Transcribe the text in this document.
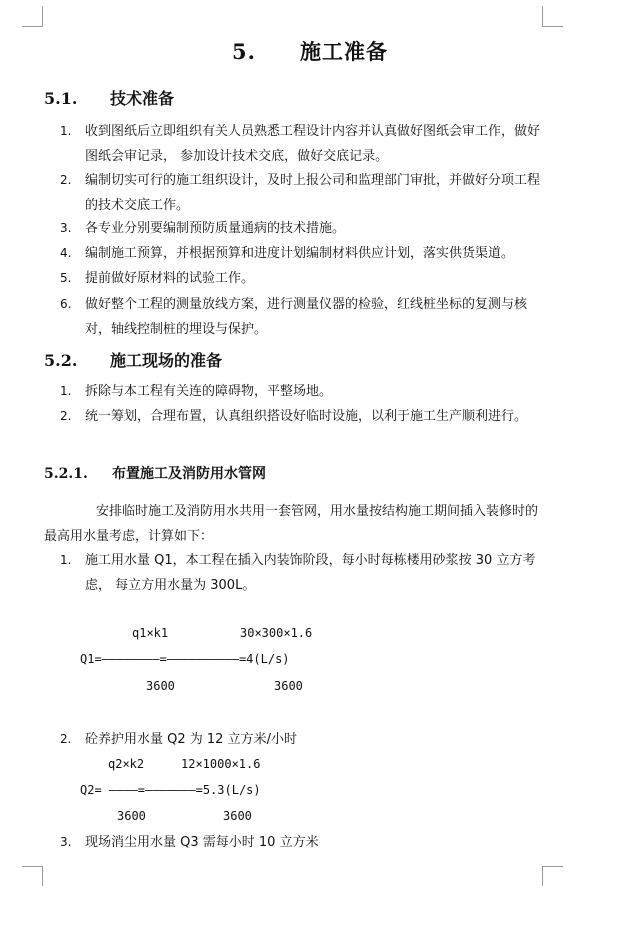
5. 施工准备
5.1. 技术准备
1.	收到图纸后立即组织有关人员熟悉工程设计内容并认真做好图纸会审工作，做好图纸会审记录， 参加设计技术交底，做好交底记录。
2.	编制切实可行的施工组织设计，及时上报公司和监理部门审批，并做好分项工程的技术交底工作。
3.	各专业分别要编制预防质量通病的技术措施。
4.	编制施工预算，并根据预算和进度计划编制材料供应计划，落实供货渠道。
5.	提前做好原材料的试验工作。
6.	做好整个工程的测量放线方案，进行测量仪器的检验，红线桩坐标的复测与核对，轴线控制桩的埋设与保护。
5.2. 施工现场的准备
1.	拆除与本工程有关连的障碍物，平整场地。
2.	统一筹划，合理布置，认真组织搭设好临时设施，以利于施工生产顺利进行。
5.2.1. 布置施工及消防用水管网
安排临时施工及消防用水共用一套管网，用水量按结构施工期间插入装修时的最高用水量考虑，计算如下：
1.	施工用水量 Q1，本工程在插入内装饰阶段，每小时每栋楼用砂浆按 30 立方考虑， 每立方用水量为 300L。
q1×k1	30×300×1.6
Q1=————————=——————————=4(L/s)
3600	3600
2.	砼养护用水量 Q2 为 12 立方米/小时
q2×k2	12×1000×1.6
Q2= ————=———————=5.3(L/s)
3600	3600
3.	现场消尘用水量 Q3 需每小时 10 立方米
